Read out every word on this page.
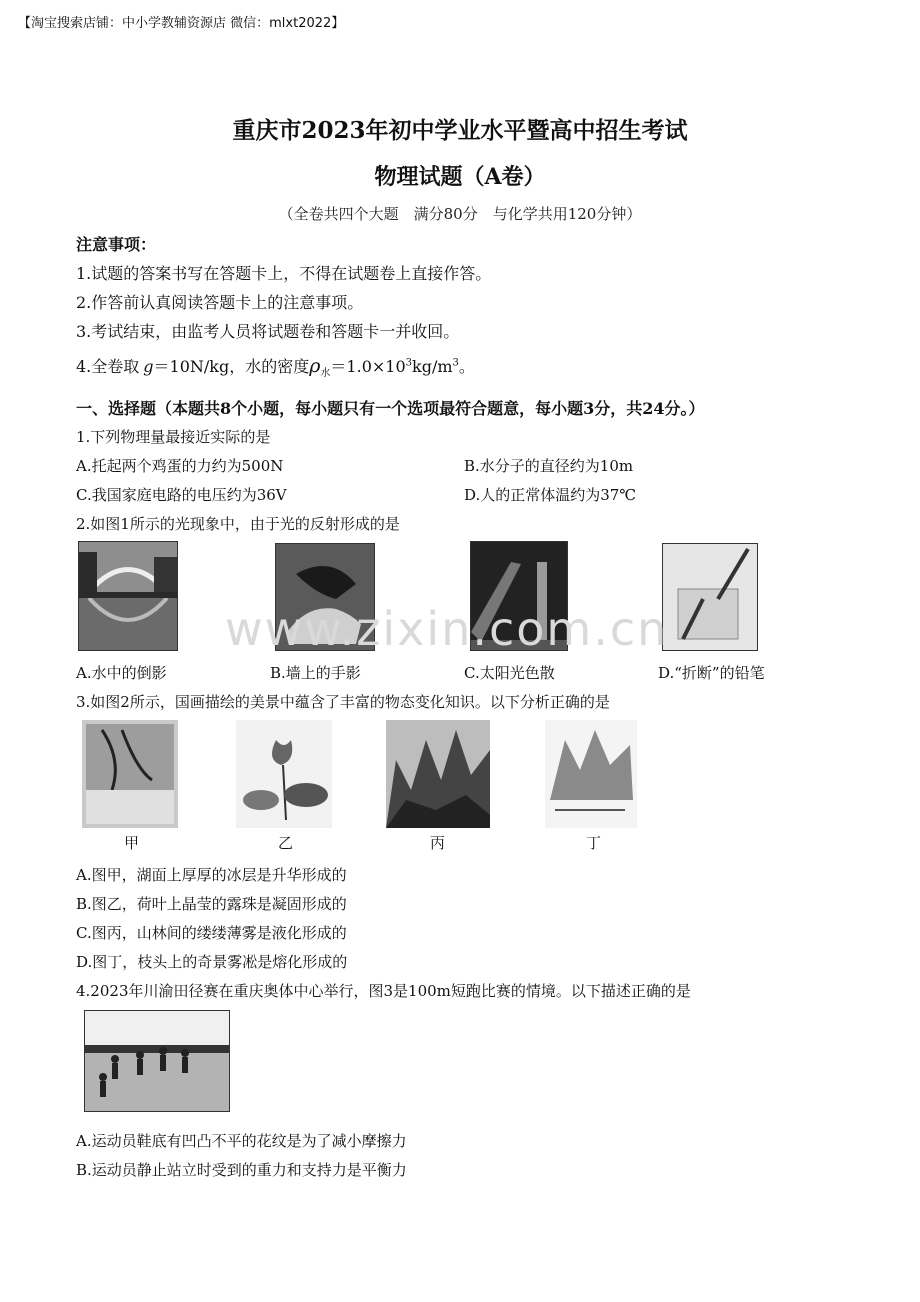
【淘宝搜索店铺：中小学教辅资源店 微信：mlxt2022】
重庆市2023年初中学业水平暨高中招生考试
物理试题（A卷）
（全卷共四个大题　满分80分　与化学共用120分钟）
注意事项：
1.试题的答案书写在答题卡上，不得在试题卷上直接作答。
2.作答前认真阅读答题卡上的注意事项。
3.考试结束，由监考人员将试题卷和答题卡一并收回。
4.全卷取 g＝10N/kg，水的密度$\rho_水=1.0\times 10^3kg/m^3$。
一、选择题（本题共8个小题，每小题只有一个选项最符合题意，每小题3分，共24分。）
1.下列物理量最接近实际的是
A.托起两个鸡蛋的力约为500N	B.水分子的直径约为10m
C.我国家庭电路的电压约为36V	D.人的正常体温约为37℃
2.如图1所示的光现象中，由于光的反射形成的是
A.水中的倒影	B.墙上的手影	C.太阳光色散	D.“折断”的铅笔
www.zixin.com.cn
3.如图2所示，国画描绘的美景中蕴含了丰富的物态变化知识。以下分析正确的是
甲	乙	丙	丁
A.图甲，湖面上厚厚的冰层是升华形成的
B.图乙，荷叶上晶莹的露珠是凝固形成的
C.图丙，山林间的缕缕薄雾是液化形成的
D.图丁，枝头上的奇景雾凇是熔化形成的
4.2023年川渝田径赛在重庆奥体中心举行，图3是100m短跑比赛的情境。以下描述正确的是
A.运动员鞋底有凹凸不平的花纹是为了减小摩擦力
B.运动员静止站立时受到的重力和支持力是平衡力
